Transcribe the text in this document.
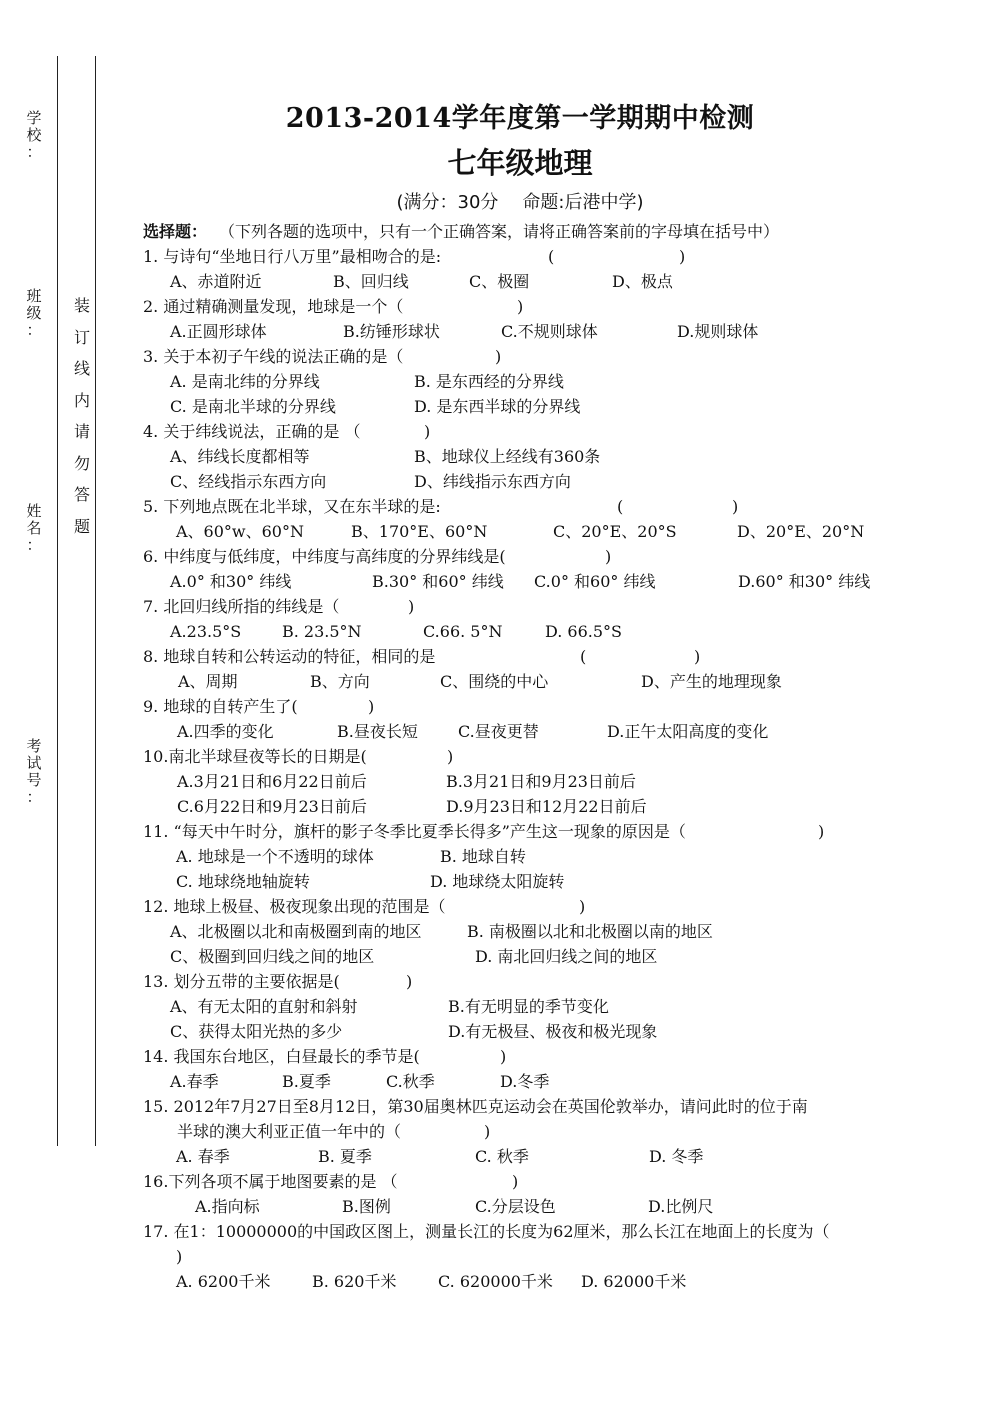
学
校
：
班
级
：
姓
名
：
考
试
号
：
装
订
线
内
请
勿
答
题
2013-2014学年度第一学期期中检测
七年级地理
(满分：30分 命题:后港中学)
选择题： （下列各题的选项中，只有一个正确答案，请将正确答案前的字母填在括号中）
1. 与诗句“坐地日行八万里”最相吻合的是:	(	)
A、赤道附近	B、回归线	C、极圈	D、极点
2. 通过精确测量发现，地球是一个（	)
A.正圆形球体	B.纺锤形球状	C.不规则球体	D.规则球体
3. 关于本初子午线的说法正确的是（	)
A. 是南北纬的分界线	B. 是东西经的分界线
C. 是南北半球的分界线	D. 是东西半球的分界线
4. 关于纬线说法，正确的是 （	)
A、纬线长度都相等	B、地球仪上经线有360条
C、经线指示东西方向	D、纬线指示东西方向
5. 下列地点既在北半球，又在东半球的是:	(	)
A、60°w、60°N	B、170°E、60°N	C、20°E、20°S	D、20°E、20°N
6. 中纬度与低纬度，中纬度与高纬度的分界纬线是(	)
A.0° 和30° 纬线	B.30° 和60° 纬线 C.0° 和60° 纬线	D.60° 和30° 纬线
7. 北回归线所指的纬线是（	)
A.23.5°S	B. 23.5°N	C.66. 5°N	D. 66.5°S
8. 地球自转和公转运动的特征，相同的是	(	)
A、周期	B、方向	C、围绕的中心	D、产生的地理现象
9. 地球的自转产生了(	)
A.四季的变化	B.昼夜长短	C.昼夜更替	D.正午太阳高度的变化
10.南北半球昼夜等长的日期是(	)
A.3月21日和6月22日前后	B.3月21日和9月23日前后
C.6月22日和9月23日前后	D.9月23日和12月22日前后
11. “每天中午时分，旗杆的影子冬季比夏季长得多”产生这一现象的原因是（	)
A. 地球是一个不透明的球体	B. 地球自转
C. 地球绕地轴旋转	D. 地球绕太阳旋转
12. 地球上极昼、极夜现象出现的范围是（	)
A、北极圈以北和南极圈到南的地区	B. 南极圈以北和北极圈以南的地区
C、极圈到回归线之间的地区	D. 南北回归线之间的地区
13. 划分五带的主要依据是(	)
A、有无太阳的直射和斜射	B.有无明显的季节变化
C、获得太阳光热的多少	D.有无极昼、极夜和极光现象
14. 我国东台地区，白昼最长的季节是(	)
A.春季	B.夏季	C.秋季	D.冬季
15. 2012年7月27日至8月12日，第30届奥林匹克运动会在英国伦敦举办，请问此时的位于南
半球的澳大利亚正值一年中的（	)
A. 春季	B. 夏季	C. 秋季	D. 冬季
16.下列各项不属于地图要素的是 （	)
A.指向标	B.图例	C.分层设色	D.比例尺
17. 在1：10000000的中国政区图上，测量长江的长度为62厘米，那么长江在地面上的长度为（
)
A. 6200千米	B. 620千米	C. 620000千米 D. 62000千米
